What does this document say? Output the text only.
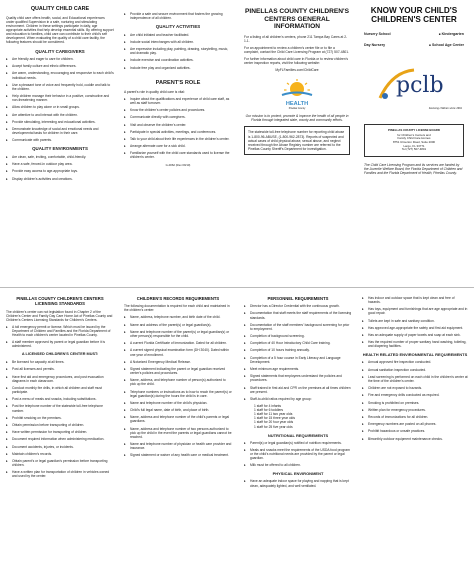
QUALITY CHILD CARE
Quality child care offers health, social, and Educational experiences under qualified Supervision in a safe, nurturing and stimulating environment. Children in these settings participate in daily, age appropriate activities that help develop essential skills. By offering support and education to families, child care can contribute to their child's self development. When evaluating the quality of a child care facility, the following features should be considered.
QUALITY CAREGIVERS
▸ Are friendly and eager to care for children.
▸ Accept family culture and ethnic differences.
▸ Are warm, understanding, encouraging and responsive to each child's individual needs.
▸ Use a pleasant tone of voice and frequently hold, cuddle and talk to the children.
▸ Help children manage their behavior in a positive, constructive and non-threatening manner.
▸ Allow children to play alone or in small groups.
▸ Are attentive to and interact with the children.
▸ Provide stimulating, interesting and educational activities.
▸ Demonstrate knowledge of social and emotional needs and developmental tasks for children in their care.
▸ Communicate with parents.
QUALITY ENVIRONMENTS
▸ Are clean, safe, inviting, comfortable, child-friendly.
▸ Have a safe, fenced-in outdoor play area.
▸ Provide easy access to age-appropriate toys.
▸ Display children's activities and creations.
▸ Provide a safe and secure environment that fosters the growing independence of all children.
QUALITY ACTIVITIES
▸ Are child initiated and teacher facilitated.
▸ Include social interchanges with all children.
▸ Are expressive including play, painting, drawing, storytelling, music, and dramatic play.
▸ Include exercise and coordination activities.
▸ Include free play and organized activities.
PARENT'S ROLE
A parent's role in quality child care is vital:
▸ Inquire about the qualifications and experience of child care staff, as well as staff turnover.
▸ Know the children's center policies and procedures.
▸ Communicate directly with caregivers.
▸ Visit and observe the children's center.
▸ Participate in special activities, meetings, and conferences.
▸ Talk to your child about their life experiences in the children's center.
▸ Arrange alternate care for a sick child.
▸ Familiarize yourself with the child care standards used to license the children's center.
G-0062 (Rev 09/10)
PINELLAS COUNTY CHILDREN'S CENTERS GENERAL INFORMATION
For a listing of all children's centers, phone 211 Tampa Bay Cares at 2-1-1.
For an appointment to review a children's center file or to file a complaint, contact the Child Care Licensing Program at (727) 507-4801.
For further information about child care in Florida or to review children's center inspection reports, visit the following website:
MyFLFamilies.com/ChildCare
HEALTH
Pinellas County
Our mission is to protect, promote & improve the health of all people in Florida through integrated state, county and community efforts.
The statewide toll-free telephone number for reporting child abuse is 1-800-96-ABUSE, (1-800-962-2873). Reports of suspected and actual cases of child physical abuse, sexual abuse, and neglect received through the Abuse Registry number are referred to the Pinellas County Sheriff's Department for investigation.
KNOW YOUR CHILD'S CHILDREN'S CENTER
Nursery School ■	Kindergarten
Day Nursery ■	School Age Center
pclb
licensing children since 1961
PINELLAS COUNTY LICENSE BOARD
for Children's Centers and
Family Child Care Homes
8751 Ulmerton Road, Suite 2000
Largo, FL 33771
Tel (727) 507-4801
The Child Care Licensing Program and its services are funded by the Juvenile Welfare Board, the Florida Department of Children and Families and the Florida Department of Health, Pinellas County.
PINELLAS COUNTY CHILDREN'S CENTERS LICENSING STANDARDS
The children's center can not legislation found in Chapter 2 of the Children's Center and Family Day Care Home Act of Pinellas County and Children's Centers Licensing Standards for Children's Centers.
▸ A toll emergency permit or license. Which must be issued by the Department of Children and Families and the Florida Department of Health to each children's center located in Pinellas County.
▸ A staff member approved by parent or legal guardian before it is administered.
A LICENSED CHILDREN'S CENTER MUST:
▸ Be licensed for capacity at all times.
▸ Post all licenses and permits.
▸ Have first aid and emergency procedures, and post evacuation diagrams in each classroom.
▸ Conduct monthly fire drills, in which all children and staff must participate.
▸ Post a menu of meals and snacks, including substitutions.
▸ Post the telephone number of the statewide toll-free telephone number.
▸ Prohibit smoking on the premises.
▸ Obtain permission before transporting of children.
▸ Have written permission for transporting of children.
▸ Document required information when administering medication.
▸ Document accidents, injuries, or incidents.
▸ Maintain children's records.
▸ Obtain parent's or legal guardian's permission before transporting children.
▸ Have a written plan for transportation of children in vehicles owned and used by the center.
CHILDREN'S RECORDS REQUIREMENTS
The following documentation is required for each child and maintained in the children's center:
▸ Name, address, telephone number, and birth date of the child.
▸ Name and address of the parent(s) or legal guardian(s).
▸ Name and telephone number of the parent(s) or legal guardian(s) or other person(s) responsible for the child.
▸ A current Florida Certificate of Immunization. Dated for all children.
▸ A current signed physical examination form (DH 3040). Dated within one year of enrollment.
▸ A Notarized Emergency Medical Release.
▸ Signed statement indicating the parent or legal guardian received center's policies and procedures.
▸ Name, address, and telephone number of person(s) authorized to pick up the child.
▸ Telephone numbers or instructions as to how to reach the parent(s) or legal guardian(s) during the hours the child is in care.
▸ Name and telephone number of the child's physician.
▸ Child's full legal name, date of birth, and place of birth.
▸ Name, address and telephone number of the child's parents or legal guardians.
▸ Name, address and telephone number of two persons authorized to pick up the child in the event the parents or legal guardians cannot be reached.
▸ Name and telephone number of physician or health care provider and insurance.
▸ Signed statement or waiver of any health care or medical treatment.
PERSONNEL REQUIREMENTS
▸ Director has a Director Credential with the continuous growth.
▸ Documentation that staff meets the staff requirements of the licensing standards.
▸ Documentation of the staff members' background screening for prior to employment.
▸ Completion of background screening.
▸ Completion of 40 Hour Introductory Child Care training.
▸ Completion of 10 hours training annually.
▸ Completion of a 5 hour course in Early Literacy and Language Development.
▸ Meet minimum age requirements.
▸ Signed statements that employees understand the policies and procedures.
▸ Staff trained in first aid and CPR on the premises at all times children are present.
▸ Staff-to-child ratios required by age group:
1 staff for 4 infants
1 staff for 6 toddlers
1 staff for 11 two year olds
1 staff for 15 three year olds
1 staff for 20 four year olds
1 staff for 25 five year olds
NUTRITIONAL REQUIREMENTS
▸ Parent(s) or legal guardian(s) notified of nutrition requirements.
▸ Meals and snacks meet the requirements of the USDA food program or the child's nutritional needs are provided by the parent or legal guardian.
▸ Milk must be offered to all children.
PHYSICAL ENVIRONMENT
▸ Have an adequate indoor space for playing and napping that is kept clean, adequately lighted, and well ventilated.
▸ Has indoor and outdoor space that is kept clean and free of hazards.
▸ Has toys, equipment and furnishings that are age appropriate and in good repair.
▸ Toilets are kept in safe and sanitary condition.
▸ Has approved age-appropriate fire safety and first aid equipment.
▸ Has an adequate supply of paper towels and soap at each sink.
▸ Has the required number of proper sanitary hand washing, toileting, and diapering facilities.
HEALTH RELATED ENVIRONMENTAL REQUIREMENTS
▸ Annual approved fire inspection conducted.
▸ Annual sanitation inspection conducted.
▸ Lead screening is performed on each child in the children's center at the time of the children's center.
▸ Children are not exposed to hazards.
▸ Fire and emergency drills conducted as required.
▸ Smoking is prohibited on premises.
▸ Written plan for emergency procedures.
▸ Records of immunizations for all children.
▸ Emergency numbers are posted on all phones.
▸ Prohibit hazardous or unsafe practices.
▸ Bimonthly outdoor equipment maintenance checks.
